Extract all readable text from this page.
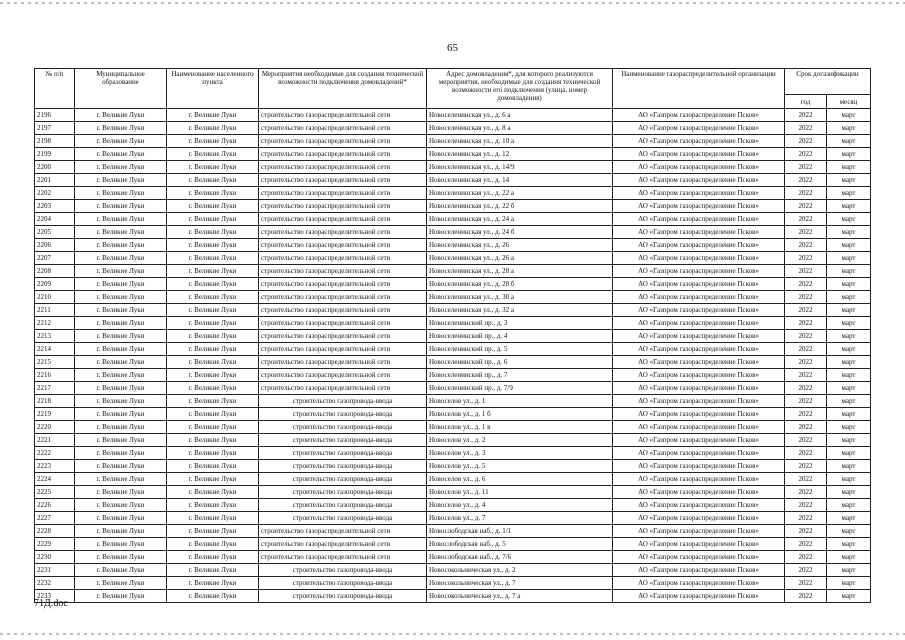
65
№ п/п	Муниципальное образование	Наименование населенного пункта	Мероприятия необходимые для создания технической возможности подключения домовладений*	Адрес домовладения*, для которого реализуются мероприятия, необходимые для создания технической возможности его подключения (улица, номер домовладения)	Наименование газораспределительной организации	Срок догазификации	
						год	месяц
2196	г. Великие Луки	г. Великие Луки	строительство газораспределительной сети	Новоселенинская ул., д. 6 а	АО «Газпром газораспределение Псков»	2022	март
2197	г. Великие Луки	г. Великие Луки	строительство газораспределительной сети	Новоселенинская ул., д. 8 а	АО «Газпром газораспределение Псков»	2022	март
2198	г. Великие Луки	г. Великие Луки	строительство газораспределительной сети	Новоселенинская ул., д. 10 а	АО «Газпром газораспределение Псков»	2022	март
2199	г. Великие Луки	г. Великие Луки	строительство газораспределительной сети	Новоселенинская ул., д. 12	АО «Газпром газораспределение Псков»	2022	март
2200	г. Великие Луки	г. Великие Луки	строительство газораспределительной сети	Новоселенинская ул., д. 14/9	АО «Газпром газораспределение Псков»	2022	март
2201	г. Великие Луки	г. Великие Луки	строительство газораспределительной сети	Новоселенинская ул., д. 14	АО «Газпром газораспределение Псков»	2022	март
2202	г. Великие Луки	г. Великие Луки	строительство газораспределительной сети	Новоселенинская ул., д. 22 а	АО «Газпром газораспределение Псков»	2022	март
2203	г. Великие Луки	г. Великие Луки	строительство газораспределительной сети	Новоселенинская ул., д. 22 б	АО «Газпром газораспределение Псков»	2022	март
2204	г. Великие Луки	г. Великие Луки	строительство газораспределительной сети	Новоселенинская ул., д. 24 а	АО «Газпром газораспределение Псков»	2022	март
2205	г. Великие Луки	г. Великие Луки	строительство газораспределительной сети	Новоселенинская ул., д. 24 б	АО «Газпром газораспределение Псков»	2022	март
2206	г. Великие Луки	г. Великие Луки	строительство газораспределительной сети	Новоселенинская ул., д. 26	АО «Газпром газораспределение Псков»	2022	март
2207	г. Великие Луки	г. Великие Луки	строительство газораспределительной сети	Новоселенинская ул., д. 26 а	АО «Газпром газораспределение Псков»	2022	март
2208	г. Великие Луки	г. Великие Луки	строительство газораспределительной сети	Новоселенинская ул., д. 28 а	АО «Газпром газораспределение Псков»	2022	март
2209	г. Великие Луки	г. Великие Луки	строительство газораспределительной сети	Новоселенинская ул., д. 28 б	АО «Газпром газораспределение Псков»	2022	март
2210	г. Великие Луки	г. Великие Луки	строительство газораспределительной сети	Новоселенинская ул., д. 30 а	АО «Газпром газораспределение Псков»	2022	март
2211	г. Великие Луки	г. Великие Луки	строительство газораспределительной сети	Новоселенинская ул., д. 32 а	АО «Газпром газораспределение Псков»	2022	март
2212	г. Великие Луки	г. Великие Луки	строительство газораспределительной сети	Новоселенинский пр., д. 3	АО «Газпром газораспределение Псков»	2022	март
2213	г. Великие Луки	г. Великие Луки	строительство газораспределительной сети	Новоселенинский пр., д. 4	АО «Газпром газораспределение Псков»	2022	март
2214	г. Великие Луки	г. Великие Луки	строительство газораспределительной сети	Новоселенинский пр., д. 5	АО «Газпром газораспределение Псков»	2022	март
2215	г. Великие Луки	г. Великие Луки	строительство газораспределительной сети	Новоселенинский пр., д. 6	АО «Газпром газораспределение Псков»	2022	март
2216	г. Великие Луки	г. Великие Луки	строительство газораспределительной сети	Новоселенинский пр., д. 7	АО «Газпром газораспределение Псков»	2022	март
2217	г. Великие Луки	г. Великие Луки	строительство газораспределительной сети	Новоселенинский пр., д. 7/9	АО «Газпром газораспределение Псков»	2022	март
2218	г. Великие Луки	г. Великие Луки	строительство газопровода-ввода	Новоселов ул., д. 1	АО «Газпром газораспределение Псков»	2022	март
2219	г. Великие Луки	г. Великие Луки	строительство газопровода-ввода	Новоселов ул., д. 1 б	АО «Газпром газораспределение Псков»	2022	март
2220	г. Великие Луки	г. Великие Луки	строительство газопровода-ввода	Новоселов ул., д. 1 в	АО «Газпром газораспределение Псков»	2022	март
2221	г. Великие Луки	г. Великие Луки	строительство газопровода-ввода	Новоселов ул., д. 2	АО «Газпром газораспределение Псков»	2022	март
2222	г. Великие Луки	г. Великие Луки	строительство газопровода-ввода	Новоселов ул., д. 3	АО «Газпром газораспределение Псков»	2022	март
2223	г. Великие Луки	г. Великие Луки	строительство газопровода-ввода	Новоселов ул., д. 5	АО «Газпром газораспределение Псков»	2022	март
2224	г. Великие Луки	г. Великие Луки	строительство газопровода-ввода	Новоселов ул., д. 6	АО «Газпром газораспределение Псков»	2022	март
2225	г. Великие Луки	г. Великие Луки	строительство газопровода-ввода	Новоселов ул., д. 11	АО «Газпром газораспределение Псков»	2022	март
2226	г. Великие Луки	г. Великие Луки	строительство газопровода-ввода	Новоселов ул., д. 4	АО «Газпром газораспределение Псков»	2022	март
2227	г. Великие Луки	г. Великие Луки	строительство газопровода-ввода	Новоселов ул., д. 7	АО «Газпром газораспределение Псков»	2022	март
2228	г. Великие Луки	г. Великие Луки	строительство газораспределительной сети	Новослободская наб., д. 1/1	АО «Газпром газораспределение Псков»	2022	март
2229	г. Великие Луки	г. Великие Луки	строительство газораспределительной сети	Новослободская наб., д. 5	АО «Газпром газораспределение Псков»	2022	март
2230	г. Великие Луки	г. Великие Луки	строительство газораспределительной сети	Новослободская наб., д. 7/6	АО «Газпром газораспределение Псков»	2022	март
2231	г. Великие Луки	г. Великие Луки	строительство газопровода-ввода	Новосокольническая ул., д. 2	АО «Газпром газораспределение Псков»	2022	март
2232	г. Великие Луки	г. Великие Луки	строительство газопровода-ввода	Новосокольническая ул., д. 7	АО «Газпром газораспределение Псков»	2022	март
2233	г. Великие Луки	г. Великие Луки	строительство газопровода-ввода	Новосокольническая ул., д. 7 а	АО «Газпром газораспределение Псков»	2022	март
71Д.doc
